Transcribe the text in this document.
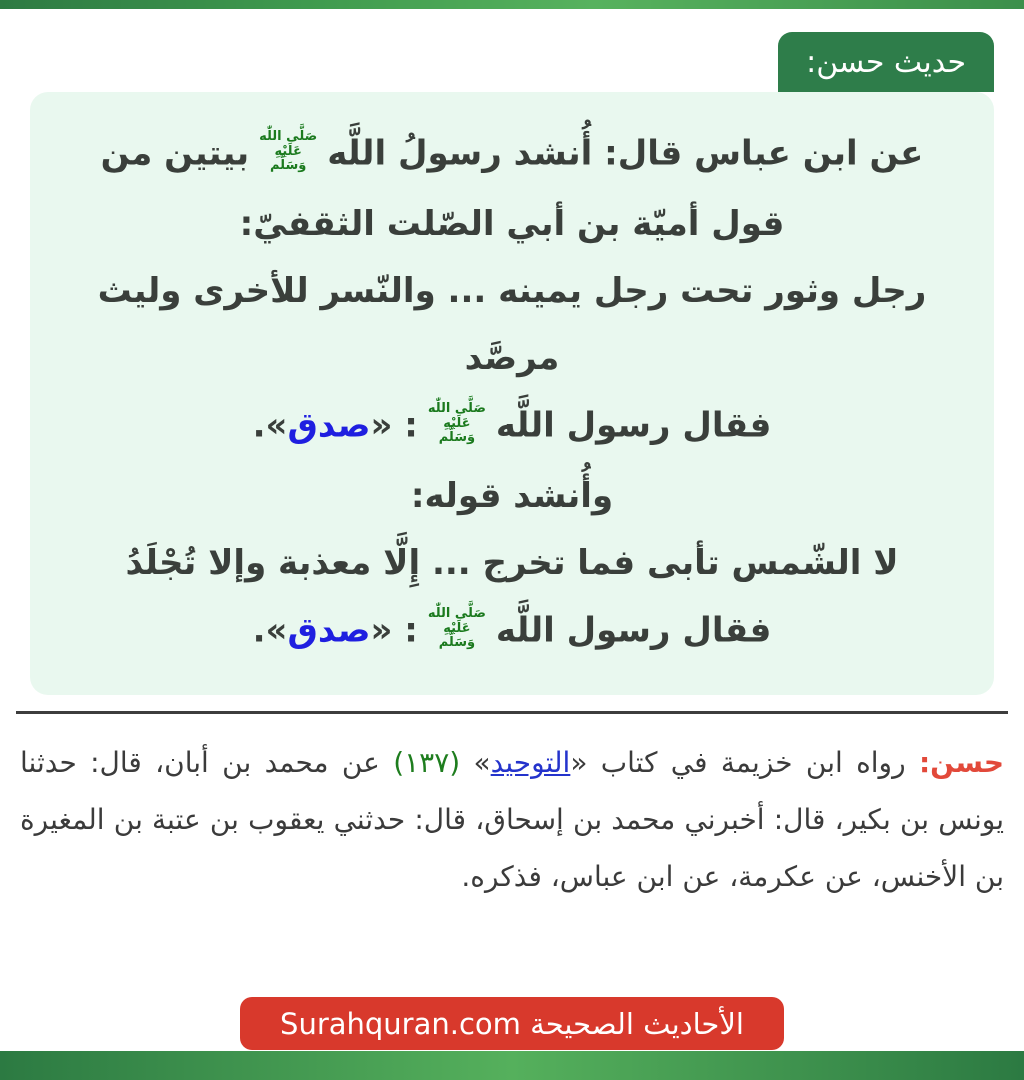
حديث حسن:
عن ابن عباس قال: أُنشد رسولُ اللَّه
صَلَّى اللّٰه
عَلَيْهِ
وَسَلَّم
بيتين من
قول أميّة بن أبي الصّلت الثقفيّ:
رجل وثور تحت رجل يمينه ... والنّسر للأخرى وليث
مرصَّد
فقال رسول اللَّه
صَلَّى اللّٰه
عَلَيْهِ
وَسَلَّم
: «صدق».
وأُنشد قوله:
لا الشّمس تأبى فما تخرج ... إِلَّا معذبة وإلا تُجْلَدُ
فقال رسول اللَّه
صَلَّى اللّٰه
عَلَيْهِ
وَسَلَّم
: «صدق».

حسن: رواه ابن خزيمة في كتاب «التوحيد» (١٣٧) عن محمد بن أبان، قال: حدثنا يونس بن بكير، قال: أخبرني محمد بن إسحاق، قال: حدثني يعقوب بن عتبة بن المغيرة بن الأخنس، عن عكرمة، عن ابن عباس، فذكره.

الأحاديث الصحيحة Surahquran.com
